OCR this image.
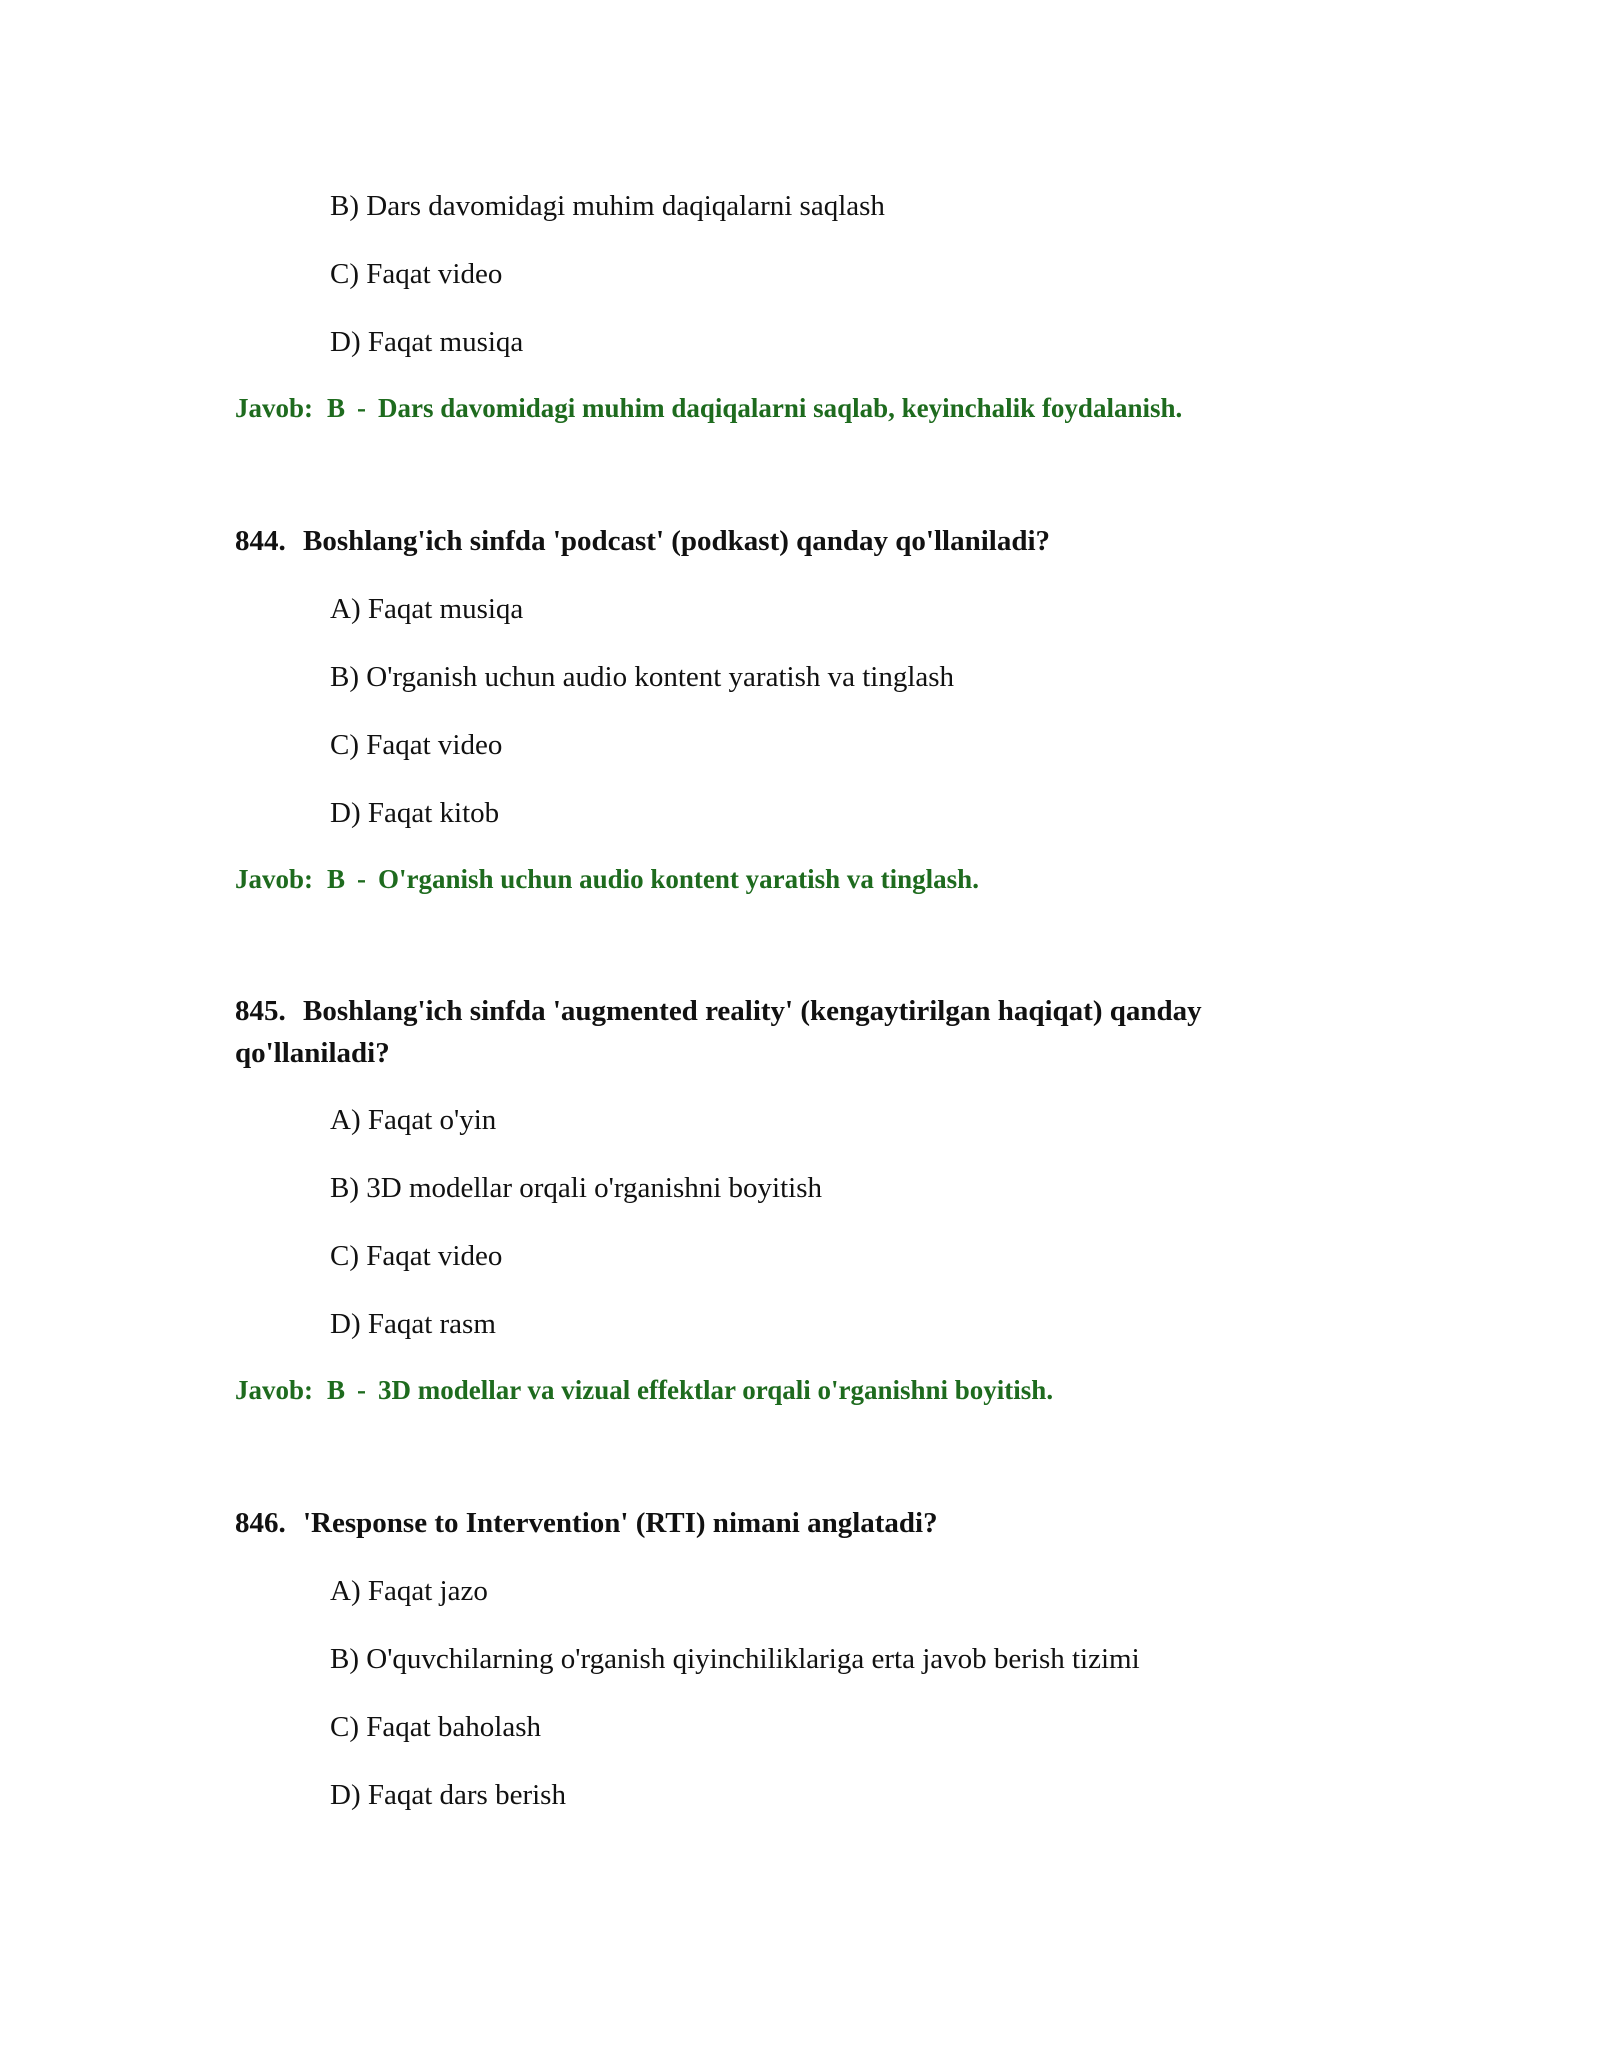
B) Dars davomidagi muhim daqiqalarni saqlash
C) Faqat video
D) Faqat musiqa
Javob: B - Dars davomidagi muhim daqiqalarni saqlab, keyinchalik foydalanish.
844. Boshlang'ich sinfda 'podcast' (podkast) qanday qo'llaniladi?
A) Faqat musiqa
B) O'rganish uchun audio kontent yaratish va tinglash
C) Faqat video
D) Faqat kitob
Javob: B - O'rganish uchun audio kontent yaratish va tinglash.
845. Boshlang'ich sinfda 'augmented reality' (kengaytirilgan haqiqat) qanday qo'llaniladi?
A) Faqat o'yin
B) 3D modellar orqali o'rganishni boyitish
C) Faqat video
D) Faqat rasm
Javob: B - 3D modellar va vizual effektlar orqali o'rganishni boyitish.
846. 'Response to Intervention' (RTI) nimani anglatadi?
A) Faqat jazo
B) O'quvchilarning o'rganish qiyinchiliklariga erta javob berish tizimi
C) Faqat baholash
D) Faqat dars berish
